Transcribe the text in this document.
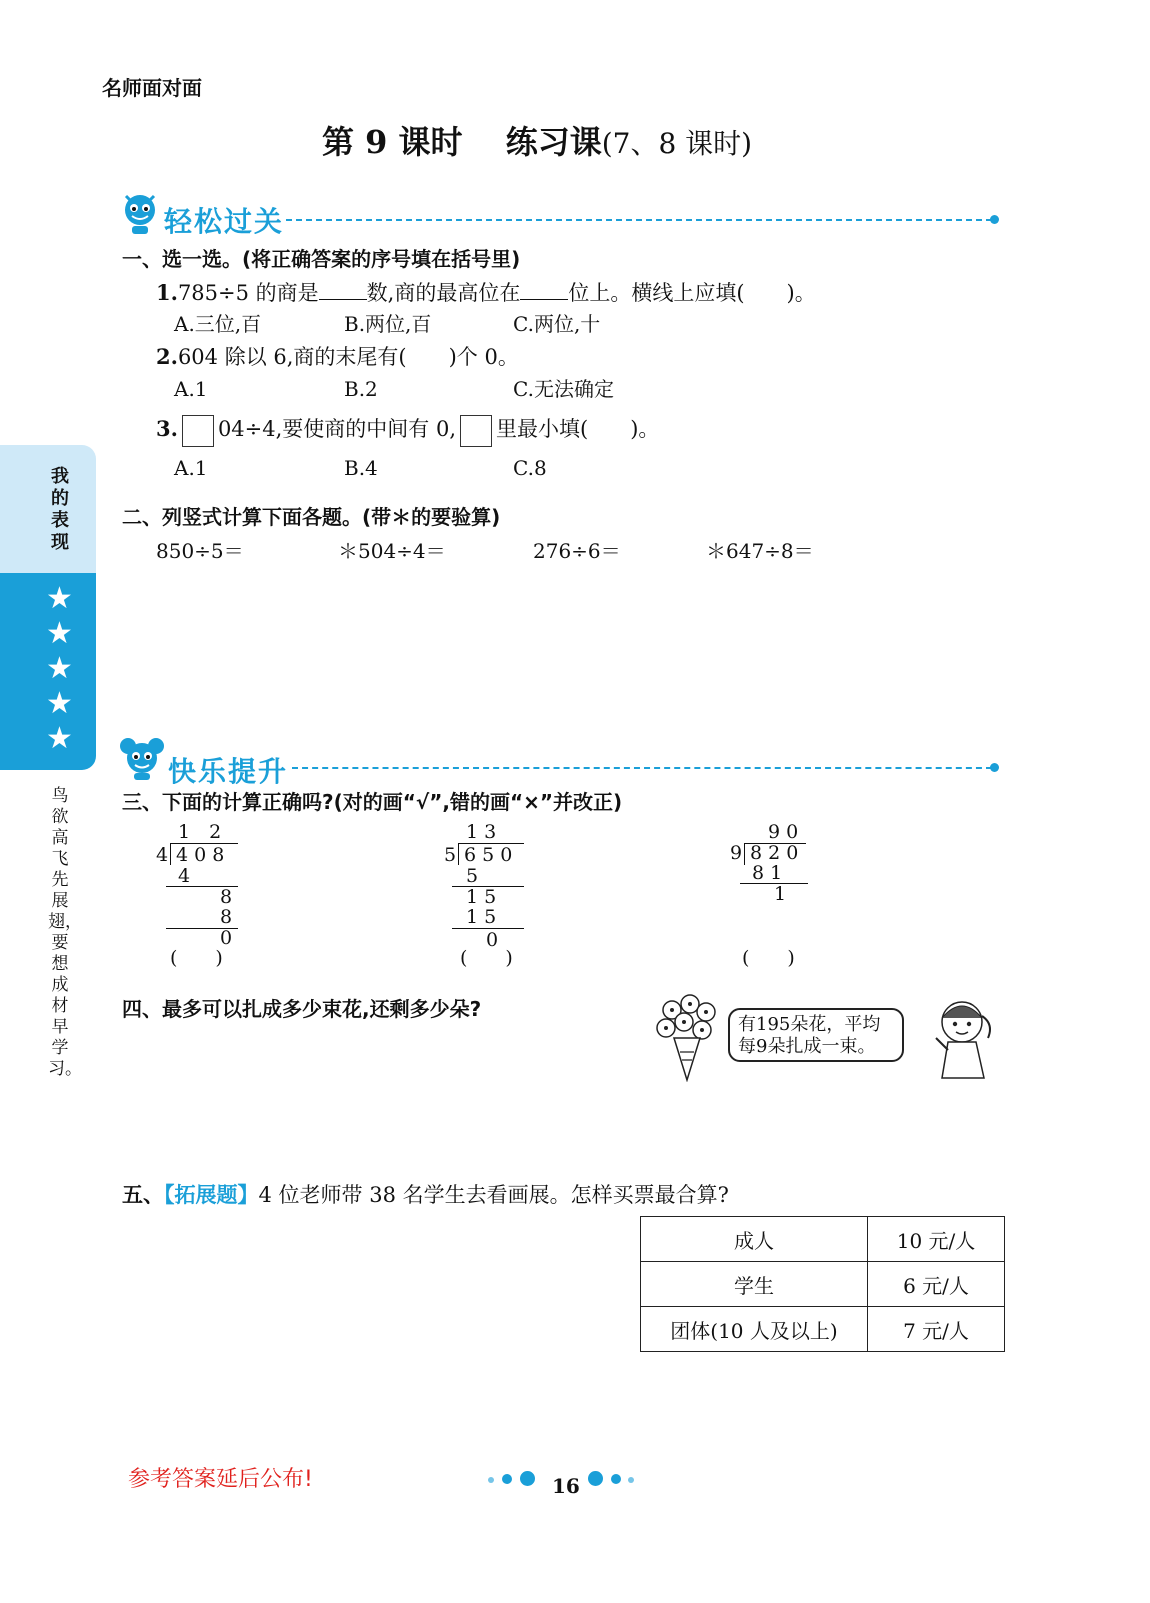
名师面对面
第 9 课时　 练习课(7、8 课时)
轻松过关
一、选一选。(将正确答案的序号填在括号里)
1.785÷5 的商是 数,商的最高位在 位上。横线上应填(　　)。
A.三位,百	B.两位,百	C.两位,十
2.604 除以 6,商的末尾有(　　)个 0。
A.1	B.2	C.无法确定
3. 04÷4,要使商的中间有 0, 里最小填(　　)。
A.1	B.4	C.8
二、列竖式计算下面各题。(带＊的要验算)
850÷5＝	＊504÷4＝	276÷6＝	＊647÷8＝
我的表现
★
★
★
★
★
鸟欲高飞先展翅，要想成材早学习。
快乐提升
三、下面的计算正确吗?(对的画“√”,错的画“×”并改正)
1　2
4 4 0 8
4
8
8
0
(　　)
1 3
5 6 5 0
5
1 5
1 5
0
(　　)
9 0
9 8 2 0
8 1
1
(　　)
四、最多可以扎成多少束花,还剩多少朵?
有195朵花，平均每9朵扎成一束。
五、【拓展题】4 位老师带 38 名学生去看画展。怎样买票最合算?
成人	10 元/人
学生	6 元/人
团体(10 人及以上)	7 元/人
参考答案延后公布!	16
